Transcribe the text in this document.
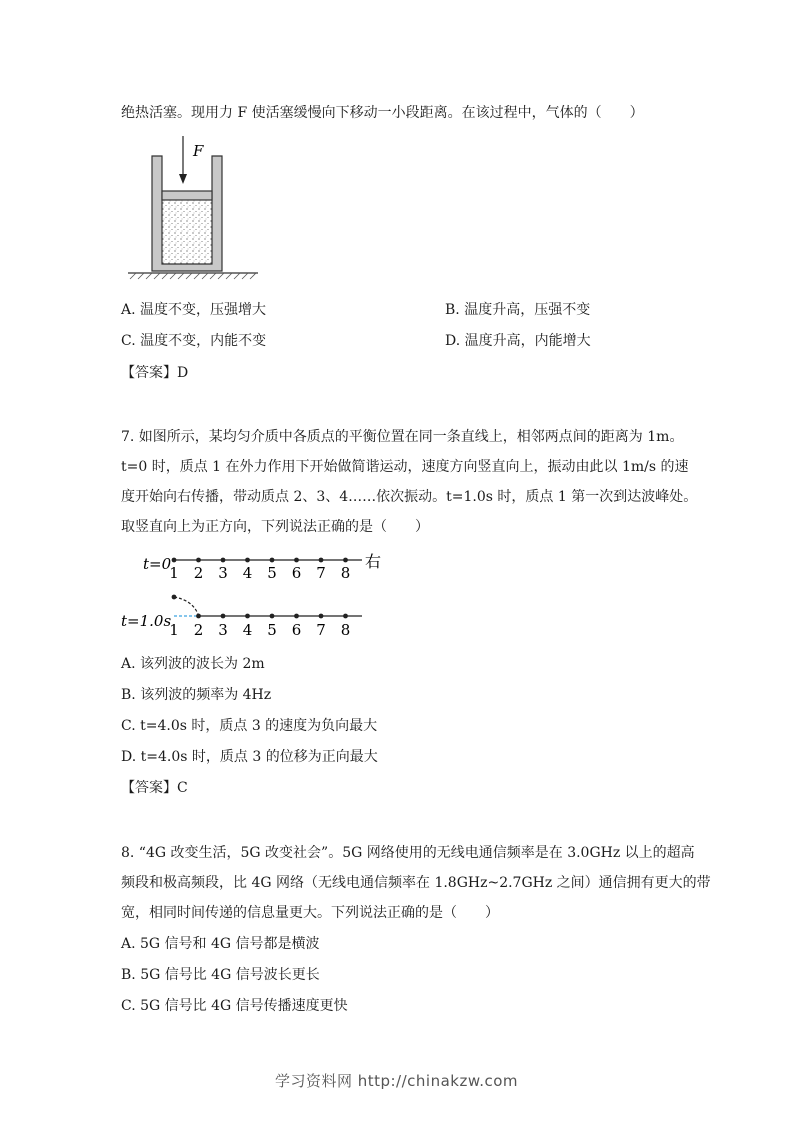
绝热活塞。现用力 F 使活塞缓慢向下移动一小段距离。在该过程中，气体的（　　）
F
A. 温度不变，压强增大	B. 温度升高，压强不变
C. 温度不变，内能不变	D. 温度升高，内能增大
【答案】D
7. 如图所示，某均匀介质中各质点的平衡位置在同一条直线上，相邻两点间的距离为 1m。
t=0 时，质点 1 在外力作用下开始做简谐运动，速度方向竖直向上，振动由此以 1m/s 的速
度开始向右传播，带动质点 2、3、4……依次振动。t=1.0s 时，质点 1 第一次到达波峰处。
取竖直向上为正方向，下列说法正确的是（　　）
t=0	右
1 2 3 4 5 6 7 8
t=1.0s
1 2 3 4 5 6 7 8
A. 该列波的波长为 2m
B. 该列波的频率为 4Hz
C. t=4.0s 时，质点 3 的速度为负向最大
D. t=4.0s 时，质点 3 的位移为正向最大
【答案】C
8. “4G 改变生活，5G 改变社会”。5G 网络使用的无线电通信频率是在 3.0GHz 以上的超高
频段和极高频段，比 4G 网络（无线电通信频率在 1.8GHz~2.7GHz 之间）通信拥有更大的带
宽，相同时间传递的信息量更大。下列说法正确的是（　　）
A. 5G 信号和 4G 信号都是横波
B. 5G 信号比 4G 信号波长更长
C. 5G 信号比 4G 信号传播速度更快
学习资料网 http://chinakzw.com
